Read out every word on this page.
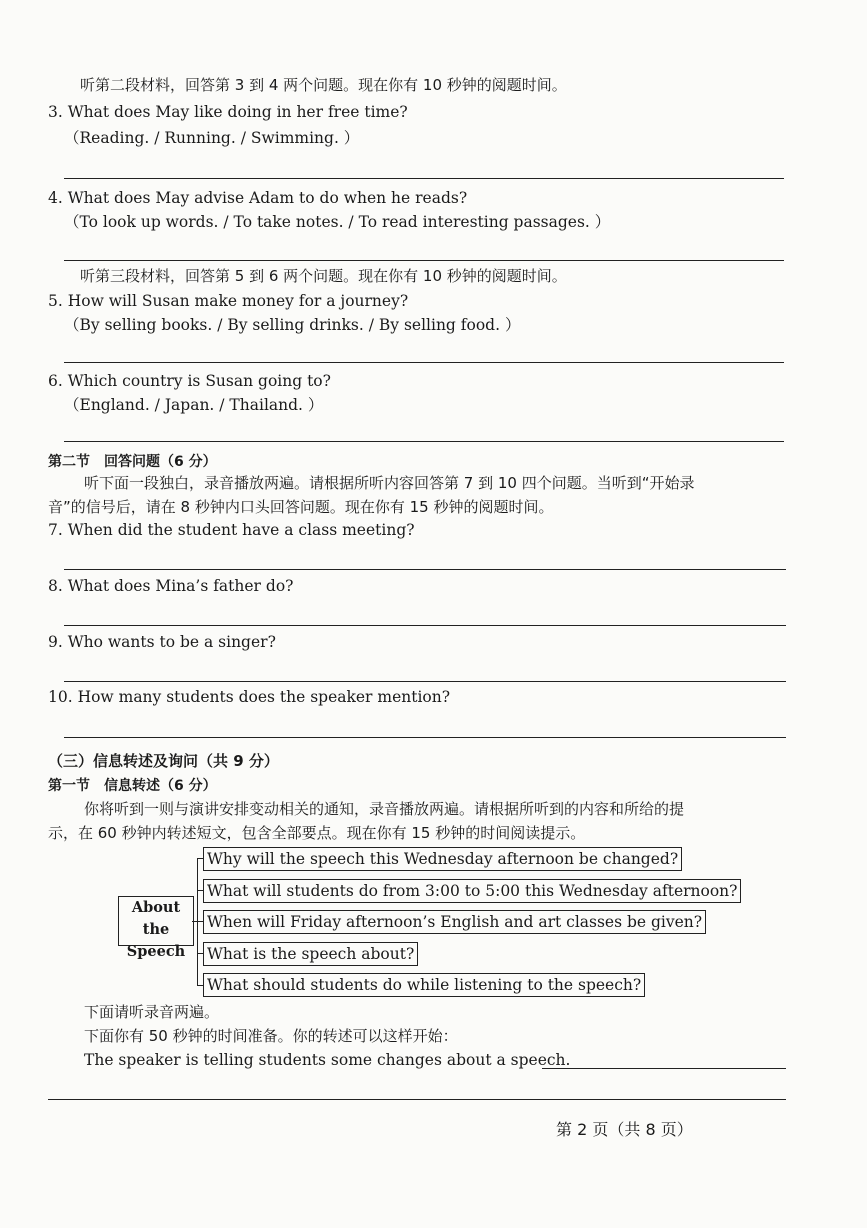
听第二段材料，回答第 3 到 4 两个问题。现在你有 10 秒钟的阅题时间。
3. What does May like doing in her free time?
（Reading. / Running. / Swimming. ）
4. What does May advise Adam to do when he reads?
（To look up words. / To take notes. / To read interesting passages. ）
听第三段材料，回答第 5 到 6 两个问题。现在你有 10 秒钟的阅题时间。
5. How will Susan make money for a journey?
（By selling books. / By selling drinks. / By selling food. ）
6. Which country is Susan going to?
（England. / Japan. / Thailand. ）
第二节　回答问题（6 分）
听下面一段独白，录音播放两遍。请根据所听内容回答第 7 到 10 四个问题。当听到“开始录
音”的信号后，请在 8 秒钟内口头回答问题。现在你有 15 秒钟的阅题时间。
7. When did the student have a class meeting?
8. What does Mina’s father do?
9. Who wants to be a singer?
10. How many students does the speaker mention?
（三）信息转述及询问（共 9 分）
第一节　信息转述（6 分）
你将听到一则与演讲安排变动相关的通知，录音播放两遍。请根据所听到的内容和所给的提
示，在 60 秒钟内转述短文，包含全部要点。现在你有 15 秒钟的时间阅读提示。
About the
Speech
Why will the speech this Wednesday afternoon be changed?
What will students do from 3:00 to 5:00 this Wednesday afternoon?
When will Friday afternoon’s English and art classes be given?
What is the speech about?
What should students do while listening to the speech?
下面请听录音两遍。
下面你有 50 秒钟的时间准备。你的转述可以这样开始：
The speaker is telling students some changes about a speech.
第 2 页（共 8 页）
